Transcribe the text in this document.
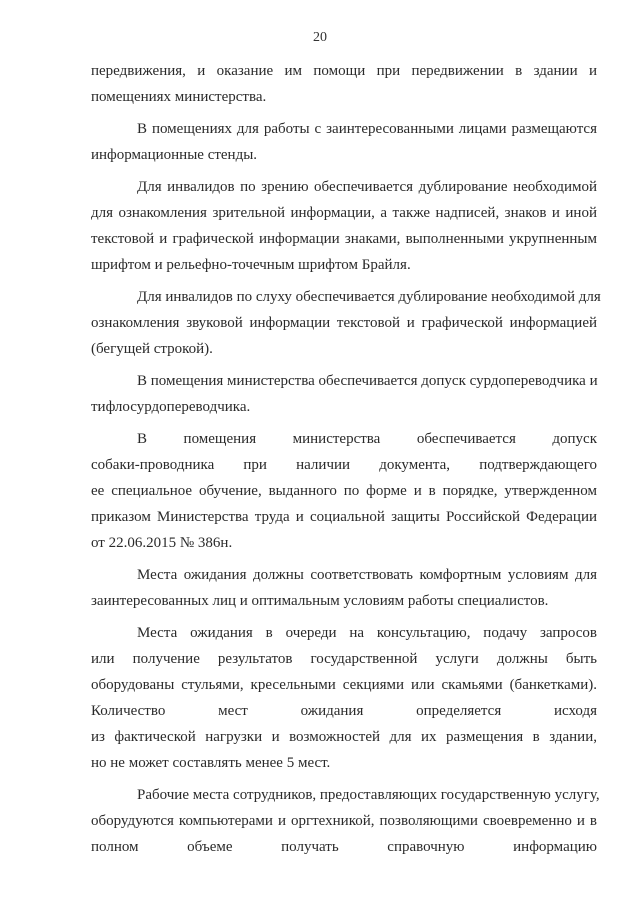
20
передвижения, и оказание им помощи при передвижении в здании и
помещениях министерства.
В помещениях для работы с заинтересованными лицами размещаются
информационные стенды.
Для инвалидов по зрению обеспечивается дублирование необходимой
для ознакомления зрительной информации, а также надписей, знаков и иной
текстовой и графической информации знаками, выполненными укрупненным
шрифтом и рельефно-точечным шрифтом Брайля.
Для инвалидов по слуху обеспечивается дублирование необходимой для
ознакомления звуковой информации текстовой и графической информацией
(бегущей строкой).
В помещения министерства обеспечивается допуск сурдопереводчика и
тифлосурдопереводчика.
В помещения министерства обеспечивается допуск
собаки-проводника при наличии документа, подтверждающего
ее специальное обучение, выданного по форме и в порядке, утвержденном
приказом Министерства труда и социальной защиты Российской Федерации
от 22.06.2015 № 386н.
Места ожидания должны соответствовать комфортным условиям для
заинтересованных лиц и оптимальным условиям работы специалистов.
Места ожидания в очереди на консультацию, подачу запросов
или получение результатов государственной услуги должны быть
оборудованы стульями, кресельными секциями или скамьями (банкетками).
Количество мест ожидания определяется исходя
из фактической нагрузки и возможностей для их размещения в здании,
но не может составлять менее 5 мест.
Рабочие места сотрудников, предоставляющих государственную услугу,
оборудуются компьютерами и оргтехникой, позволяющими своевременно и в
полном объеме получать справочную информацию
